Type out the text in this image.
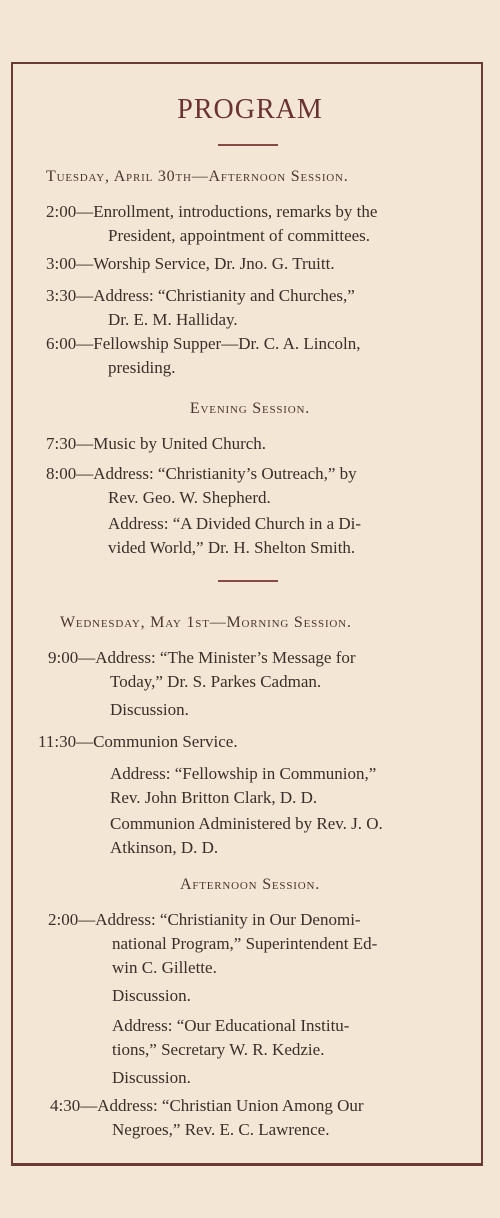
PROGRAM
Tuesday, April 30th—Afternoon Session.
2:00—Enrollment, introductions, remarks by the
President, appointment of committees.
3:00—Worship Service, Dr. Jno. G. Truitt.
3:30—Address: “Christianity and Churches,”
Dr. E. M. Halliday.
6:00—Fellowship Supper—Dr. C. A. Lincoln,
presiding.
Evening Session.
7:30—Music by United Church.
8:00—Address: “Christianity’s Outreach,” by
Rev. Geo. W. Shepherd.
Address: “A Divided Church in a Di-
vided World,” Dr. H. Shelton Smith.
Wednesday, May 1st—Morning Session.
9:00—Address: “The Minister’s Message for
Today,” Dr. S. Parkes Cadman.
Discussion.
11:30—Communion Service.
Address: “Fellowship in Communion,”
Rev. John Britton Clark, D. D.
Communion Administered by Rev. J. O.
Atkinson, D. D.
Afternoon Session.
2:00—Address: “Christianity in Our Denomi-
national Program,” Superintendent Ed-
win C. Gillette.
Discussion.
Address: “Our Educational Institu-
tions,” Secretary W. R. Kedzie.
Discussion.
4:30—Address: “Christian Union Among Our
Negroes,” Rev. E. C. Lawrence.
